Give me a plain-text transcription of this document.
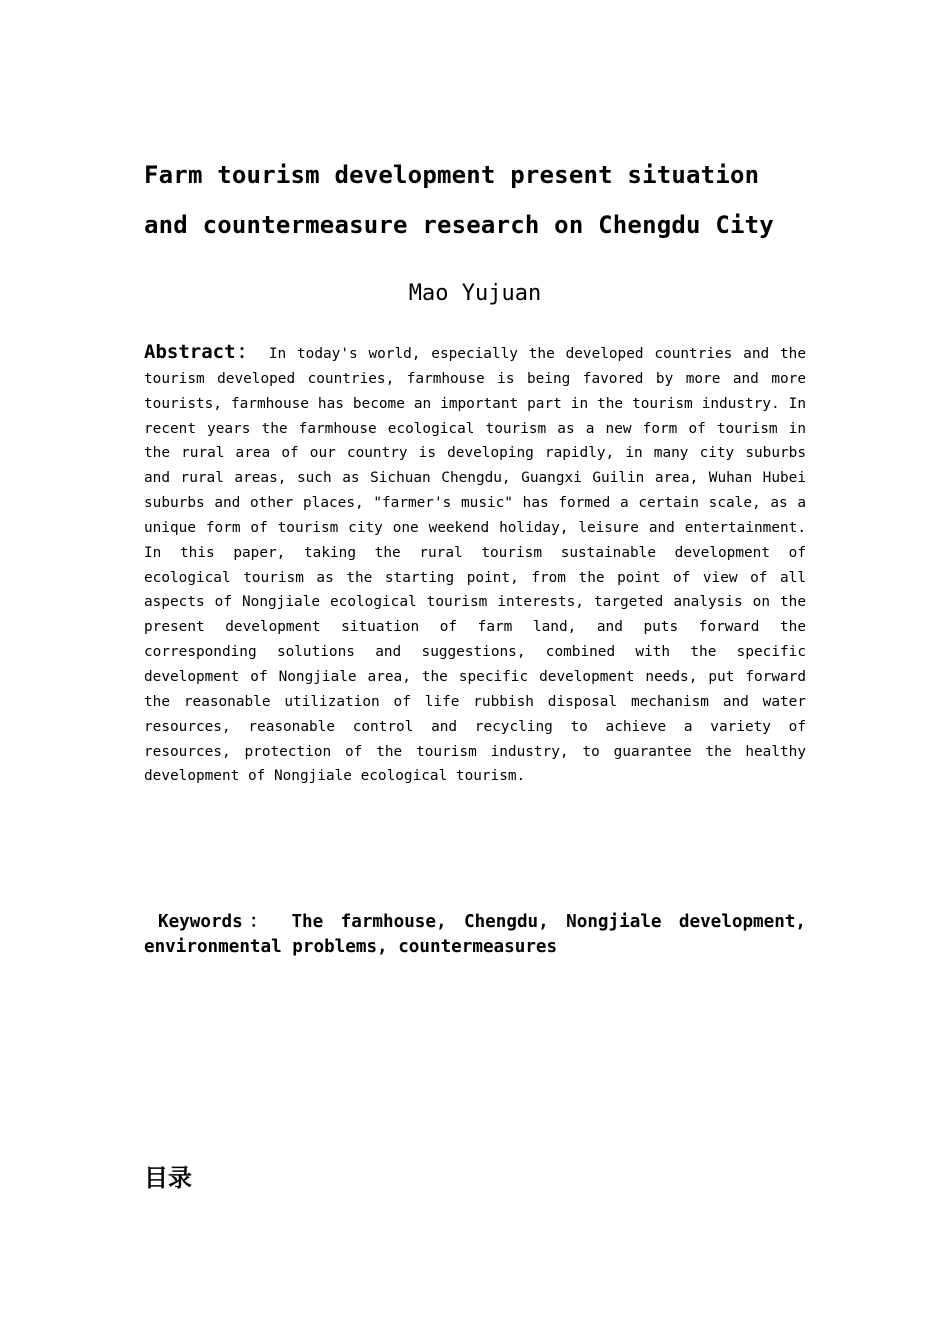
Farm tourism development present situation and countermeasure research on Chengdu City

Mao Yujuan

Abstract： In today's world, especially the developed countries and the tourism developed countries, farmhouse is being favored by more and more tourists, farmhouse has become an important part in the tourism industry. In recent years the farmhouse ecological tourism as a new form of tourism in the rural area of our country is developing rapidly, in many city suburbs and rural areas, such as Sichuan Chengdu, Guangxi Guilin area, Wuhan Hubei suburbs and other places, "farmer's music" has formed a certain scale, as a unique form of tourism city one weekend holiday, leisure and entertainment. In this paper, taking the rural tourism sustainable development of ecological tourism as the starting point, from the point of view of all aspects of Nongjiale ecological tourism interests, targeted analysis on the present development situation of farm land, and puts forward the corresponding solutions and suggestions, combined with the specific development of Nongjiale area, the specific development needs, put forward the reasonable utilization of life rubbish disposal mechanism and water resources, reasonable control and recycling to achieve a variety of resources, protection of the tourism industry, to guarantee the healthy development of Nongjiale ecological tourism.

Keywords： The farmhouse, Chengdu, Nongjiale development, environmental problems, countermeasures

目录
